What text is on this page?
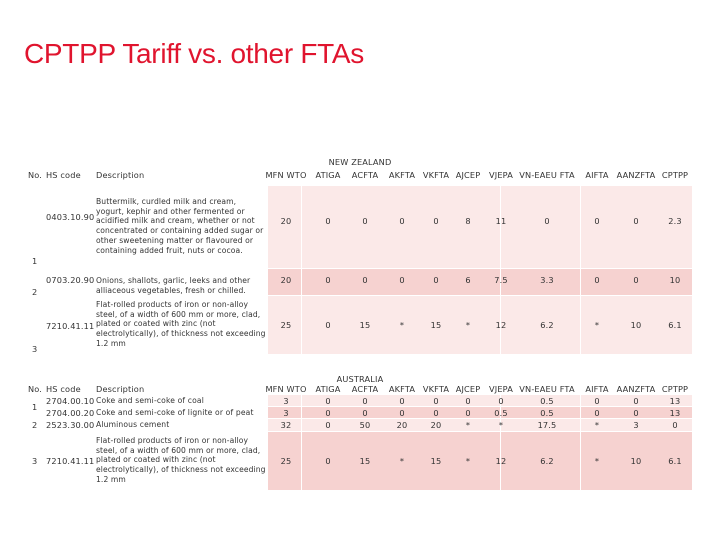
CPTPP Tariff vs. other FTAs
NEW ZEALAND
No. HS code Description	MFN WTO ATIGA ACFTA AKFTA VKFTA AJCEP VJEPA VN-EAEU FTA AIFTA AANZFTA CPTPP
1
0403.10.90
Buttermilk, curdled milk and cream, yogurt, kephir and other fermented or acidified milk and cream, whether or not concentrated or containing added sugar or other sweetening matter or flavoured or containing added fruit, nuts or cocoa.
20	0	0	0	0	8	11	0	0	0	2.3
2
0703.20.90 Onions, shallots, garlic, leeks and other alliaceous vegetables, fresh or chilled.
20	0	0	0	0	6	7.5	3.3	0	0	10
3
7210.41.11
Flat-rolled products of iron or non-alloy steel, of a width of 600 mm or more, clad, plated or coated with zinc (not electrolytically), of thickness not exceeding 1.2 mm
25	0	15	*	15	*	12	6.2	*	10	6.1
AUSTRALIA
No. HS code Description	MFN WTO ATIGA ACFTA AKFTA VKFTA AJCEP VJEPA VN-EAEU FTA AIFTA AANZFTA CPTPP
1
2704.00.10 Coke and semi-coke of coal	3	0	0	0	0	0	0	0.5	0	0	13
2704.00.20 Coke and semi-coke of lignite or of peat	3	0	0	0	0	0	0.5	0.5	0	0	13
2 2523.30.00 Aluminous cement	32	0	50	20	20	*	*	17.5	*	3	0
3 7210.41.11
Flat-rolled products of iron or non-alloy steel, of a width of 600 mm or more, clad, plated or coated with zinc (not electrolytically), of thickness not exceeding 1.2 mm
25	0	15	*	15	*	12	6.2	*	10	6.1
